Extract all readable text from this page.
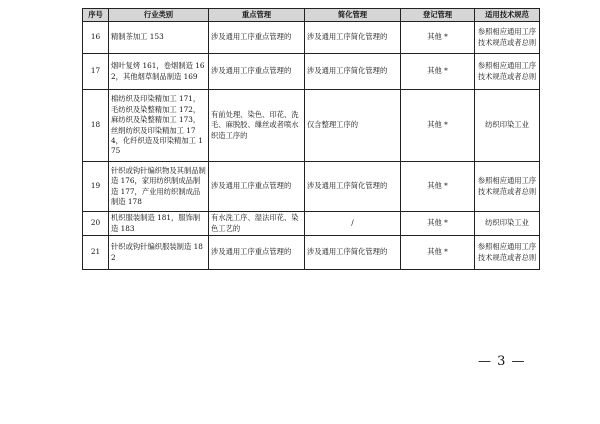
序号	行业类别	重点管理	简化管理	登记管理	适用技术规范
16	精制茶加工 153	涉及通用工序重点管理的	涉及通用工序简化管理的	其他 *	参照相应通用工序技术规范或者总则
17	烟叶复烤 161，卷烟制造 162，其他烟草制品制造 169	涉及通用工序重点管理的	涉及通用工序简化管理的	其他 *	参照相应通用工序技术规范或者总则
18	棉纺织及印染精加工 171，毛纺织及染整精加工 172，麻纺织及染整精加工 173，丝绢纺织及印染精加工 174，化纤织造及印染精加工 175	有前处理、染色、印花、洗毛、麻脱胶、缫丝或者喷水织造工序的	仅含整理工序的	其他 *	纺织印染工业
19	针织或钩针编织物及其制品制造 176，家用纺织制成品制造 177，产业用纺织制成品制造 178	涉及通用工序重点管理的	涉及通用工序简化管理的	其他 *	参照相应通用工序技术规范或者总则
20	机织服装制造 181，服饰制造 183	有水洗工序、湿法印花、染色工艺的	/	其他 *	纺织印染工业
21	针织或钩针编织服装制造 182	涉及通用工序重点管理的	涉及通用工序简化管理的	其他 *	参照相应通用工序技术规范或者总则
— 3 —
